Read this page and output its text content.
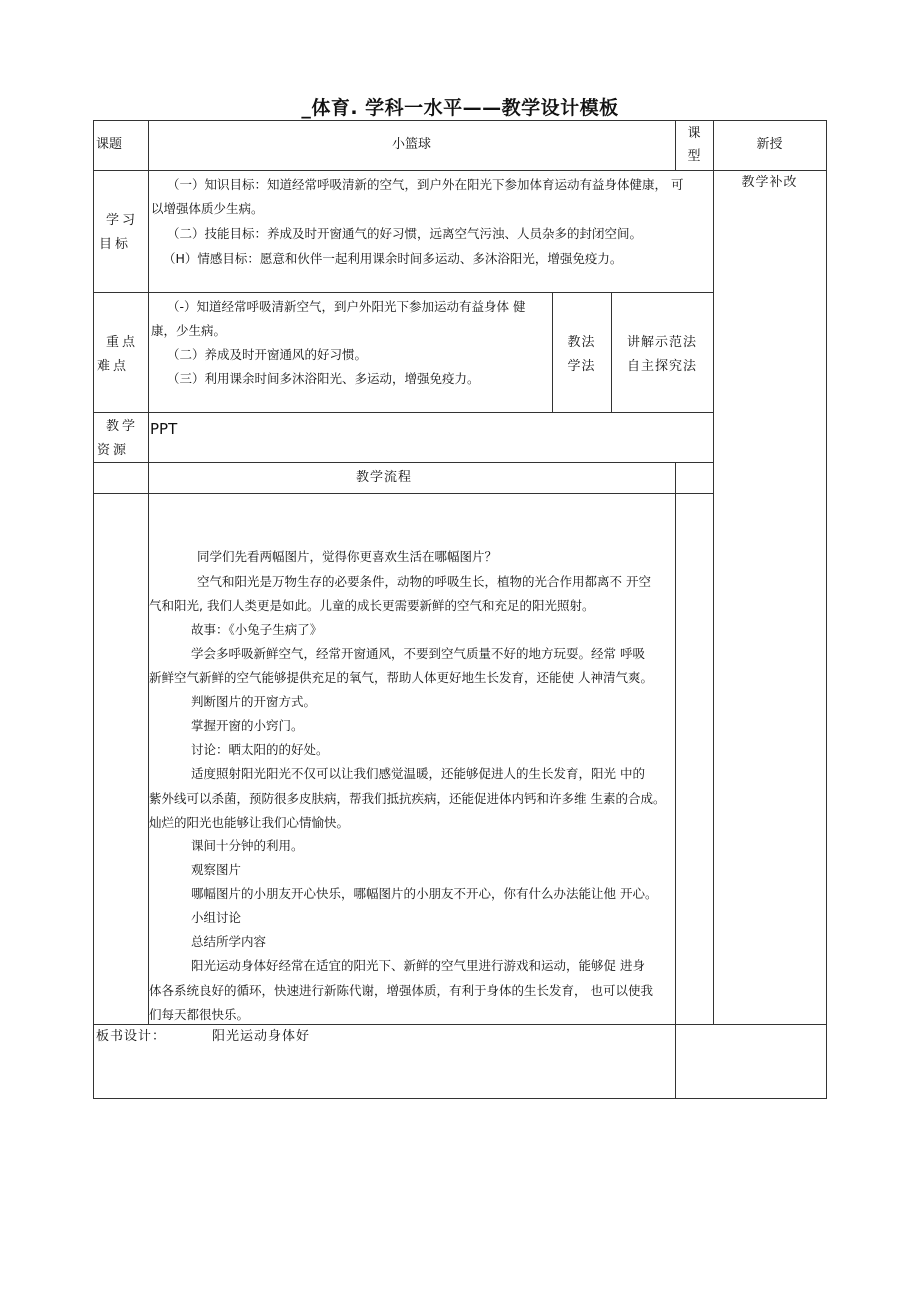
_体育. 学科一水平——教学设计模板
课题	小篮球
课
型
新授
教学补改
学习
目标
（一）知识目标：知道经常呼吸清新的空气，到户外在阳光下参加体育运动有益身体健康， 可
以增强体质少生病。
（二）技能目标：养成及时开窗通气的好习惯，远离空气污浊、人员杂多的封闭空间。
（H）情感目标：愿意和伙伴一起利用课余时间多运动、多沐浴阳光，增强免疫力。
重点
难点
（-）知道经常呼吸清新空气，到户外阳光下参加运动有益身体 健
康，少生病。
（二）养成及时开窗通风的好习惯。
（三）利用课余时间多沐浴阳光、多运动，增强免疫力。
教法
学法
讲解示范法
自主探究法
教学
资源
PPT
教学流程
同学们先看两幅图片，觉得你更喜欢生活在哪幅图片？
空气和阳光是万物生存的必要条件，动物的呼吸生长，植物的光合作用都离不 开空
气和阳光, 我们人类更是如此。儿童的成长更需要新鲜的空气和充足的阳光照射。
故事：《小兔子生病了》
学会多呼吸新鲜空气，经常开窗通风，不要到空气质量不好的地方玩耍。经常 呼吸
新鲜空气新鲜的空气能够提供充足的氧气，帮助人体更好地生长发育，还能使 人神清气爽。
判断图片的开窗方式。
掌握开窗的小窍门。
讨论：晒太阳的的好处。
适度照射阳光阳光不仅可以让我们感觉温暖，还能够促进人的生长发育，阳光 中的
紫外线可以杀菌，预防很多皮肤病，帮我们抵抗疾病，还能促进体内钙和许多维 生素的合成。
灿烂的阳光也能够让我们心情愉快。
课间十分钟的利用。
观察图片
哪幅图片的小朋友开心快乐，哪幅图片的小朋友不开心，你有什么办法能让他 开心。
小组讨论
总结所学内容
阳光运动身体好经常在适宜的阳光下、新鲜的空气里进行游戏和运动，能够促 进身
体各系统良好的循环，快速进行新陈代谢，增强体质，有利于身体的生长发育， 也可以使我
们每天都很快乐。
板书设计：	阳光运动身体好
